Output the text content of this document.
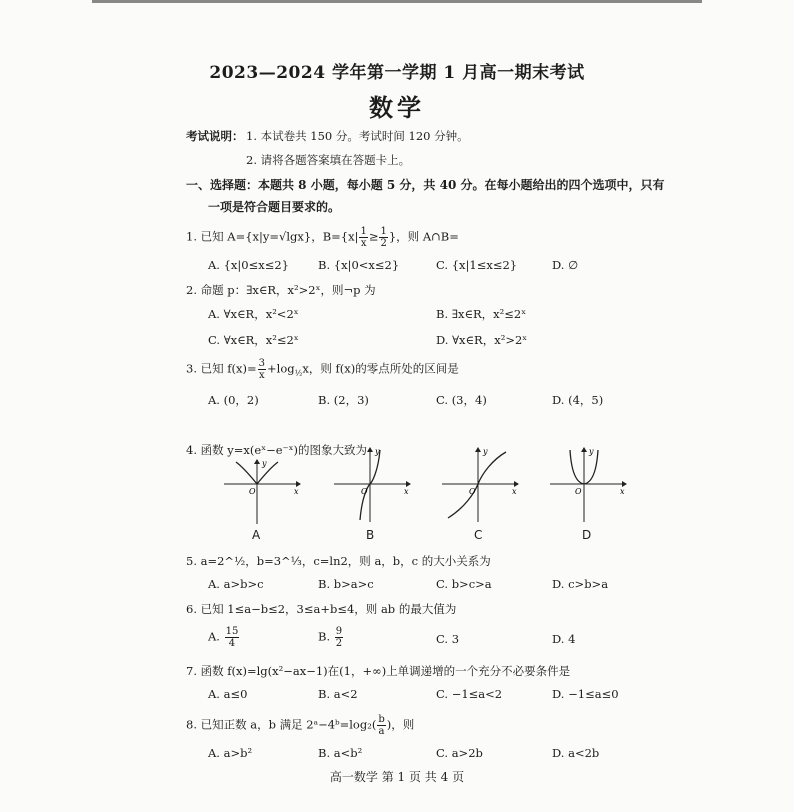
2023—2024 学年第一学期 1 月高一期末考试
数学
考试说明： 1. 本试卷共 150 分。考试时间 120 分钟。
2. 请将各题答案填在答题卡上。
一、选择题：本题共 8 小题，每小题 5 分，共 40 分。在每小题给出的四个选项中，只有
一项是符合题目要求的。
1. 已知 A={x|y=√lgx}，$B=\{x| \frac{1}{x} \ge \frac{1}{2}$ }，则 A∩B=
A. {x|0≤x≤2}	B. {x|0<x≤2}	C. {x|1≤x≤2}	D. ∅
2. 命题 p：∃x∈R，x²>2ˣ，则¬p 为
A. ∀x∈R，x²<2ˣ	B. ∃x∈R，x²≤2ˣ
C. ∀x∈R，x²≤2ˣ	D. ∀x∈R，x²>2ˣ
3. 已知 $f(x)= \frac{3}{x} +\log_{\frac{1}{2}}x$，则 f(x)的零点所处的区间是
A. (0，2)	B. (2，3)	C. (3，4)	D. (4，5)
4. 函数 y=x(eˣ−e⁻ˣ)的图象大致为
y
x
O
y
x
O
y
x
O
y
x
O
A	B	C	D
5. a=2^½，b=3^⅓，c=ln2，则 a，b，c 的大小关系为
A. a>b>c	B. b>a>c	C. b>c>a	D. c>b>a
6. 已知 1≤a−b≤2，3≤a+b≤4，则 ab 的最大值为
A. $\frac{15}{4}$	B. $\frac{9}{2}$	C. 3	D. 4
7. 函数 f(x)=lg(x²−ax−1)在(1，+∞)上单调递增的一个充分不必要条件是
A. a≤0	B. a<2	C. −1≤a<2	D. −1≤a≤0
8. 已知正数 a，b 满足 2ᵃ−4ᵇ=log₂( $\frac{b}{a}$ )，则
A. a>b²	B. a<b²	C. a>2b	D. a<2b
高一数学 第 1 页 共 4 页
